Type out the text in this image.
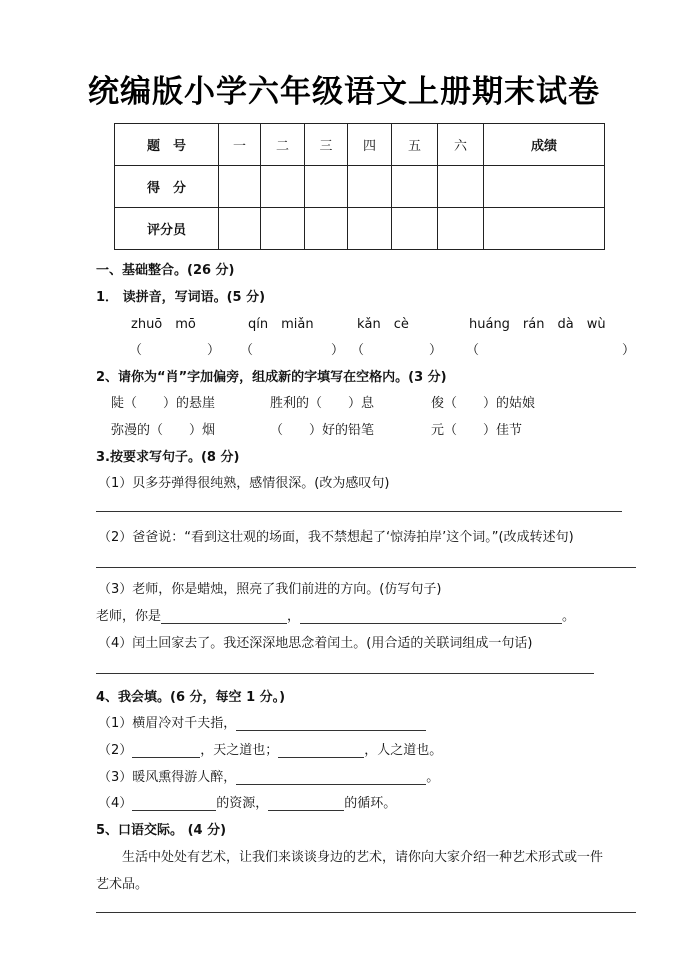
统编版小学六年级语文上册期末试卷
题　号	一	二	三	四	五	六	成绩
得　分							
评分员							
一、基础整合。(26 分)
1． 读拼音，写词语。(5 分)
zhuō　mō	qín　miǎn	kǎn　cè	huáng　rán　dà　wù
（　　　　　） （　　　　　　） （　　　　　） （　　　　　　　　　　　）
2、请你为“肖”字加偏旁，组成新的字填写在空格内。(3 分)
陡（　　）的悬崖	胜利的（　　）息	俊（　　）的姑娘
弥漫的（　　）烟	（　　）好的铅笔	元（　　）佳节
3.按要求写句子。(8 分)
（1）贝多芬弹得很纯熟，感情很深。(改为感叹句)
（2）爸爸说：“看到这壮观的场面，我不禁想起了‘惊涛拍岸’这个词。”(改成转述句)
（3）老师，你是蜡烛，照亮了我们前进的方向。(仿写句子)
老师，你是	，	。
（4）闰土回家去了。我还深深地思念着闰土。(用合适的关联词组成一句话)
4、我会填。(6 分，每空 1 分。)
（1）横眉冷对千夫指，
（2）	，天之道也；	，人之道也。
（3）暖风熏得游人醉，	。
（4）	的资源，	的循环。
5、口语交际。 (4 分)
生活中处处有艺术，让我们来谈谈身边的艺术，请你向大家介绍一种艺术形式或一件
艺术品。
